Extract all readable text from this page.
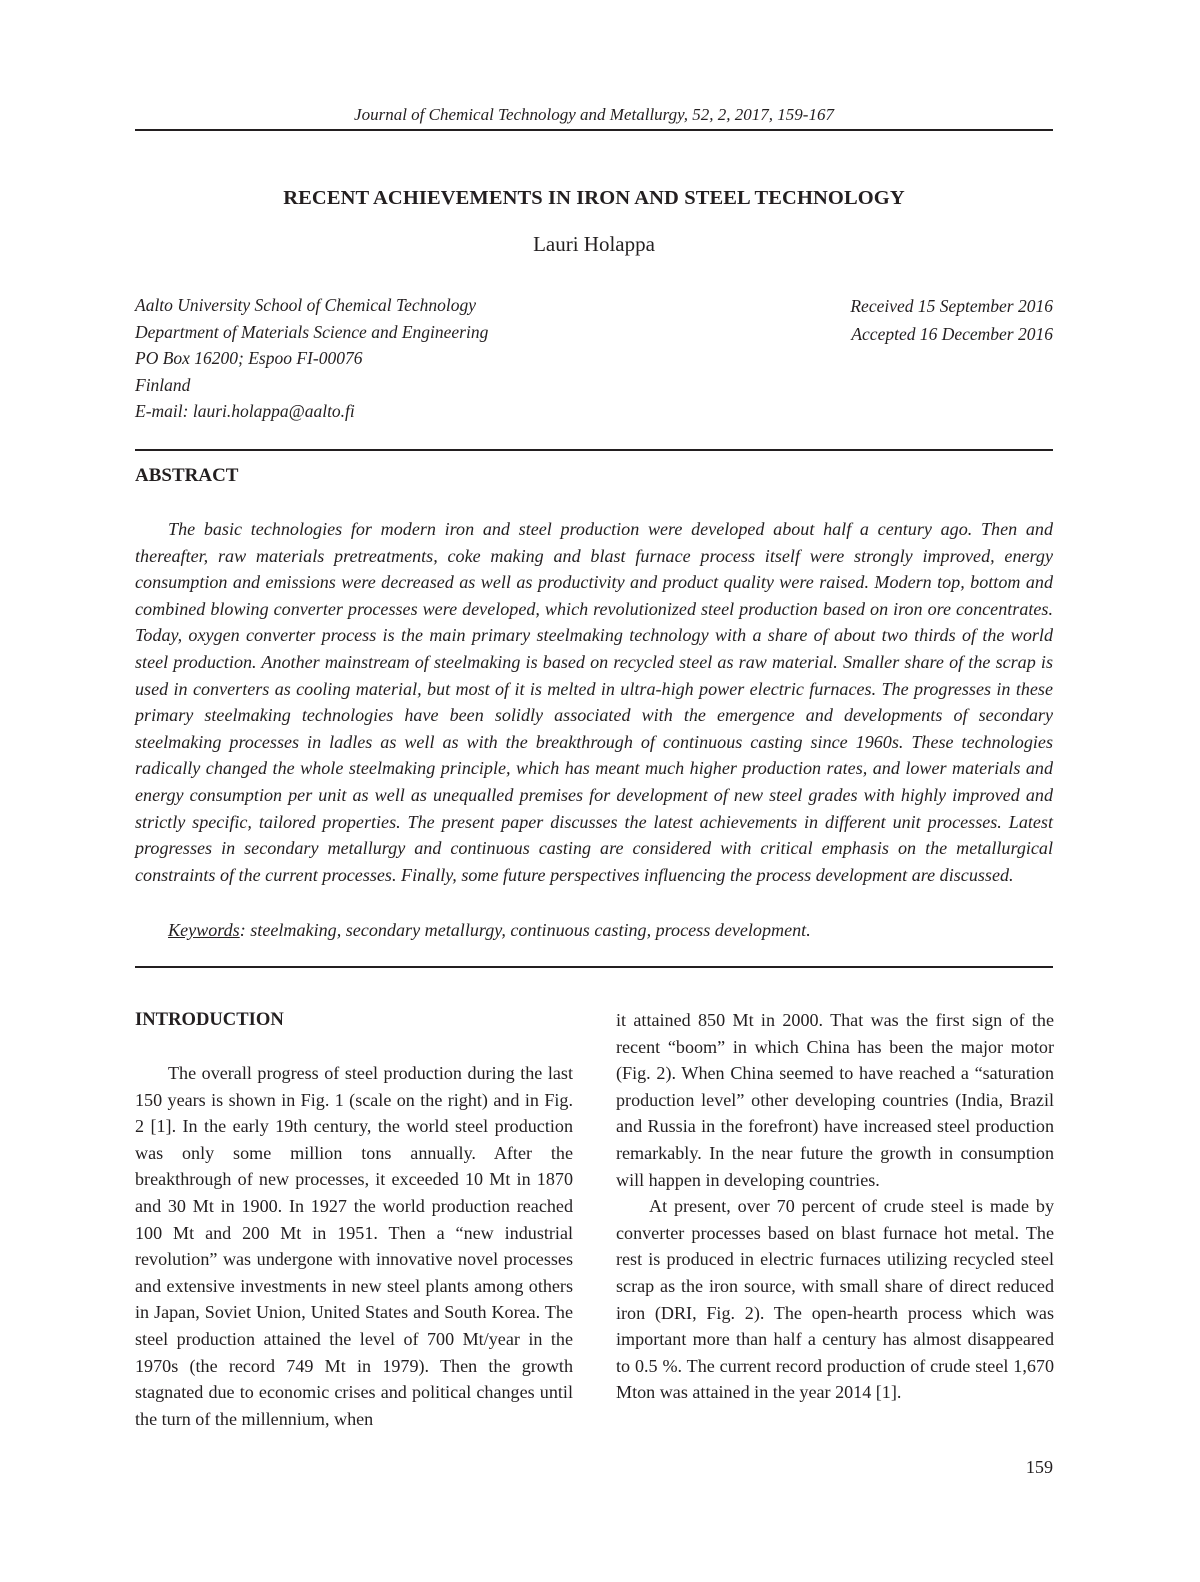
Journal of Chemical Technology and Metallurgy, 52, 2, 2017, 159-167
RECENT ACHIEVEMENTS IN IRON AND STEEL TECHNOLOGY
Lauri Holappa
Aalto University School of Chemical Technology
Department of Materials Science and Engineering
PO Box 16200; Espoo FI-00076
Finland
E-mail: lauri.holappa@aalto.fi
Received 15 September 2016
Accepted 16 December 2016
ABSTRACT

The basic technologies for modern iron and steel production were developed about half a century ago. Then and thereafter, raw materials pretreatments, coke making and blast furnace process itself were strongly improved, energy consumption and emissions were decreased as well as productivity and product quality were raised. Modern top, bottom and combined blowing converter processes were developed, which revolutionized steel production based on iron ore concentrates. Today, oxygen converter process is the main primary steelmaking technology with a share of about two thirds of the world steel production. Another mainstream of steelmaking is based on recycled steel as raw material. Smaller share of the scrap is used in converters as cooling material, but most of it is melted in ultra-high power electric furnaces. The progresses in these primary steelmaking technologies have been solidly associated with the emergence and developments of secondary steelmaking processes in ladles as well as with the breakthrough of continuous casting since 1960s. These technologies radically changed the whole steelmaking principle, which has meant much higher production rates, and lower materials and energy consumption per unit as well as unequalled premises for development of new steel grades with highly improved and strictly specific, tailored properties. The present paper discusses the latest achievements in different unit processes. Latest progresses in secondary metallurgy and continuous casting are considered with critical emphasis on the metallurgical constraints of the current processes. Finally, some future perspectives influencing the process development are discussed.

Keywords: steelmaking, secondary metallurgy, continuous casting, process development.

INTRODUCTION

The overall progress of steel production during the last 150 years is shown in Fig. 1 (scale on the right) and in Fig. 2 [1]. In the early 19th century, the world steel production was only some million tons annually. After the breakthrough of new processes, it exceeded 10 Mt in 1870 and 30 Mt in 1900. In 1927 the world production reached 100 Mt and 200 Mt in 1951. Then a “new industrial revolution” was undergone with innovative novel processes and extensive investments in new steel plants among others in Japan, Soviet Union, United States and South Korea. The steel production attained the level of 700 Mt/year in the 1970s (the record 749 Mt in 1979). Then the growth stagnated due to economic crises and political changes until the turn of the millennium, when

it attained 850 Mt in 2000. That was the first sign of the recent “boom” in which China has been the major motor (Fig. 2). When China seemed to have reached a “saturation production level” other developing countries (India, Brazil and Russia in the forefront) have increased steel production remarkably. In the near future the growth in consumption will happen in developing countries.

At present, over 70 percent of crude steel is made by converter processes based on blast furnace hot metal. The rest is produced in electric furnaces utilizing recycled steel scrap as the iron source, with small share of direct reduced iron (DRI, Fig. 2). The open-hearth process which was important more than half a century has almost disappeared to 0.5 %. The current record production of crude steel 1,670 Mton was attained in the year 2014 [1].

159
